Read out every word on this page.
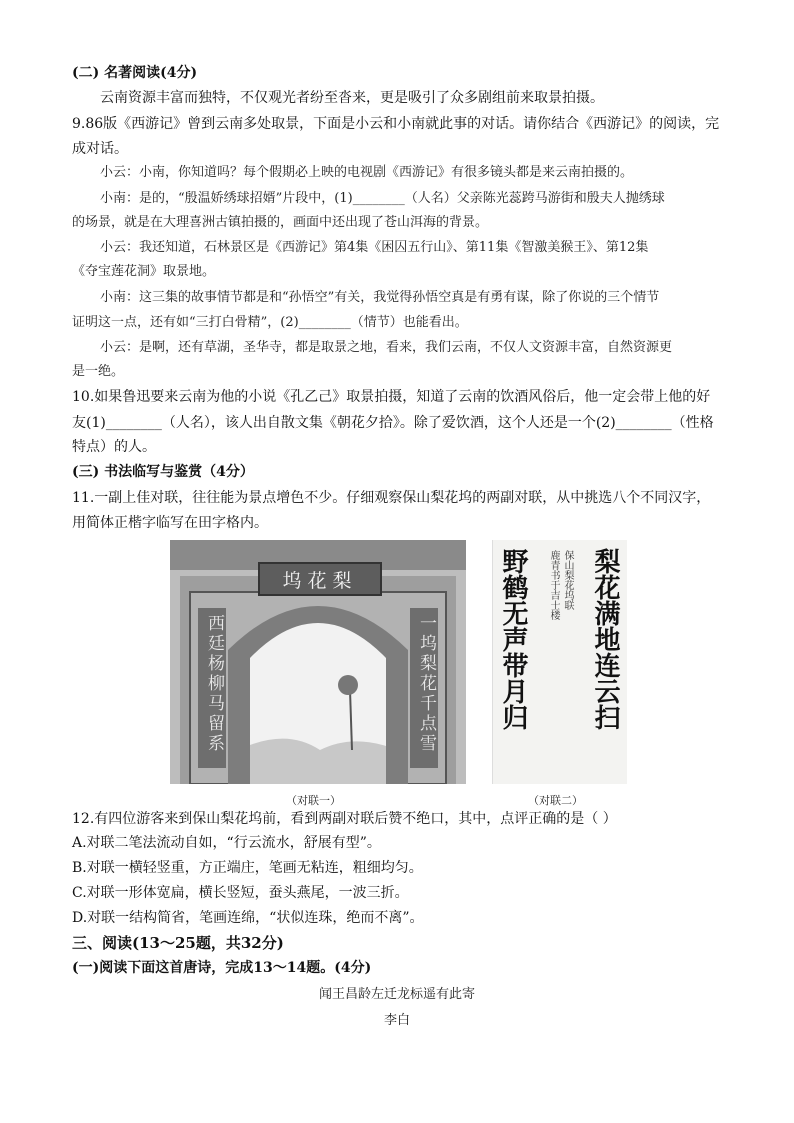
(二) 名著阅读(4分)
云南资源丰富而独特，不仅观光者纷至沓来，更是吸引了众多剧组前来取景拍摄。
9.86版《西游记》曾到云南多处取景，下面是小云和小南就此事的对话。请你结合《西游记》的阅读，完
成对话。
小云：小南，你知道吗？每个假期必上映的电视剧《西游记》有很多镜头都是来云南拍摄的。
小南：是的，“殷温娇绣球招婿”片段中，(1)________（人名）父亲陈光蕊跨马游街和殷夫人抛绣球
的场景，就是在大理喜洲古镇拍摄的，画面中还出现了苍山洱海的背景。
小云：我还知道，石林景区是《西游记》第4集《困囚五行山》、第11集《智激美猴王》、第12集
《夺宝莲花洞》取景地。
小南：这三集的故事情节都是和“孙悟空”有关，我觉得孙悟空真是有勇有谋，除了你说的三个情节
证明这一点，还有如“三打白骨精”，(2)________（情节）也能看出。
小云：是啊，还有草湖，圣华寺，都是取景之地，看来，我们云南，不仅人文资源丰富，自然资源更
是一绝。
10.如果鲁迅要来云南为他的小说《孔乙己》取景拍摄，知道了云南的饮酒风俗后，他一定会带上他的好
友(1)________（人名），该人出自散文集《朝花夕拾》。除了爱饮酒，这个人还是一个(2)________（性格
特点）的人。
(三) 书法临写与鉴赏（4分）
11.一副上佳对联，往往能为景点增色不少。仔细观察保山梨花坞的两副对联，从中挑选八个不同汉字，
用简体正楷字临写在田字格内。
坞花梨
西廷杨柳马留系	一坞梨花千点雪	梨花满地连云扫
保山梨花坞联
鹿青书于吉士楼
野鹤无声带月归
（对联一）	（对联二）
12.有四位游客来到保山梨花坞前，看到两副对联后赞不绝口，其中，点评正确的是（ ）
A.对联二笔法流动自如，“行云流水，舒展有型”。
B.对联一横轻竖重，方正端庄，笔画无粘连，粗细均匀。
C.对联一形体宽扁，横长竖短，蚕头燕尾，一波三折。
D.对联一结构简省，笔画连绵，“状似连珠，绝而不离”。
三、阅读(13～25题，共32分)
(一)阅读下面这首唐诗，完成13～14题。(4分)
闻王昌龄左迁龙标遥有此寄
李白
